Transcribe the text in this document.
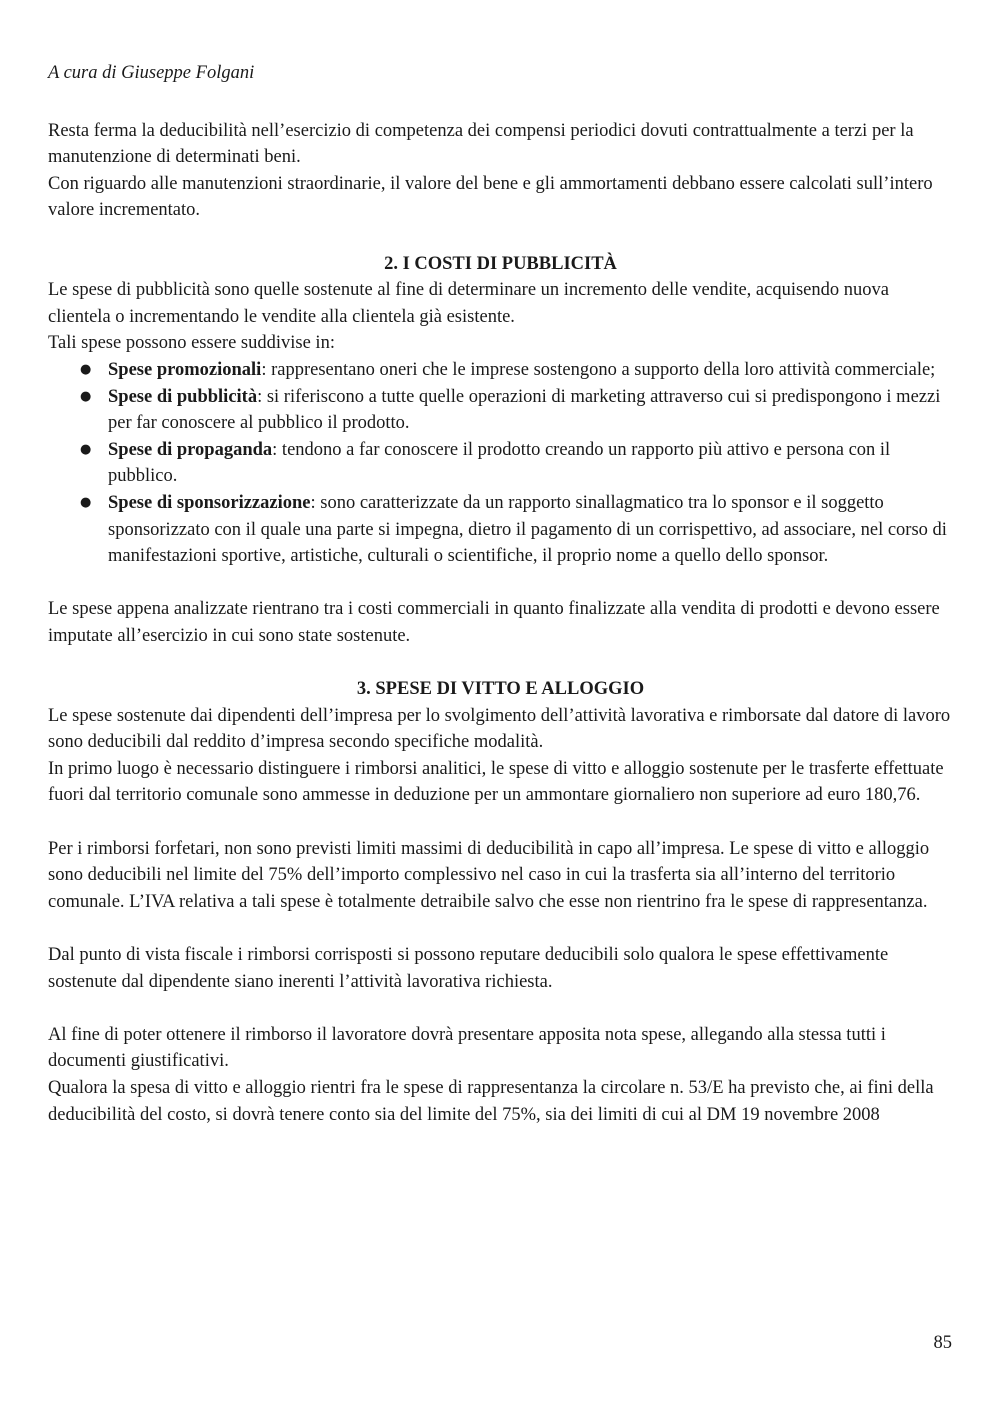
A cura di Giuseppe Folgani

Resta ferma la deducibilità nell’esercizio di competenza dei compensi periodici dovuti contrattualmente a terzi per la manutenzione di determinati beni.

Con riguardo alle manutenzioni straordinarie, il valore del bene e gli ammortamenti debbano essere calcolati sull’intero valore incrementato.

2. I COSTI DI PUBBLICITÀ

Le spese di pubblicità sono quelle sostenute al fine di determinare un incremento delle vendite, acquisendo nuova clientela o incrementando le vendite alla clientela già esistente.

Tali spese possono essere suddivise in:

● Spese promozionali: rappresentano oneri che le imprese sostengono a supporto della loro attività commerciale;
● Spese di pubblicità: si riferiscono a tutte quelle operazioni di marketing attraverso cui si predispongono i mezzi per far conoscere al pubblico il prodotto.
● Spese di propaganda: tendono a far conoscere il prodotto creando un rapporto più attivo e persona con il pubblico.
● Spese di sponsorizzazione: sono caratterizzate da un rapporto sinallagmatico tra lo sponsor e il soggetto sponsorizzato con il quale una parte si impegna, dietro il pagamento di un corrispettivo, ad associare, nel corso di manifestazioni sportive, artistiche, culturali o scientifiche, il proprio nome a quello dello sponsor.

Le spese appena analizzate rientrano tra i costi commerciali in quanto finalizzate alla vendita di prodotti e devono essere imputate all’esercizio in cui sono state sostenute.

3. SPESE DI VITTO E ALLOGGIO

Le spese sostenute dai dipendenti dell’impresa per lo svolgimento dell’attività lavorativa e rimborsate dal datore di lavoro sono deducibili dal reddito d’impresa secondo specifiche modalità.

In primo luogo è necessario distinguere i rimborsi analitici, le spese di vitto e alloggio sostenute per le trasferte effettuate fuori dal territorio comunale sono ammesse in deduzione per un ammontare giornaliero non superiore ad euro 180,76.

Per i rimborsi forfetari, non sono previsti limiti massimi di deducibilità in capo all’impresa. Le spese di vitto e alloggio sono deducibili nel limite del 75% dell’importo complessivo nel caso in cui la trasferta sia all’interno del territorio comunale. L’IVA relativa a tali spese è totalmente detraibile salvo che esse non rientrino fra le spese di rappresentanza.

Dal punto di vista fiscale i rimborsi corrisposti si possono reputare deducibili solo qualora le spese effettivamente sostenute dal dipendente siano inerenti l’attività lavorativa richiesta.

Al fine di poter ottenere il rimborso il lavoratore dovrà presentare apposita nota spese, allegando alla stessa tutti i documenti giustificativi.

Qualora la spesa di vitto e alloggio rientri fra le spese di rappresentanza la circolare n. 53/E ha previsto che, ai fini della deducibilità del costo, si dovrà tenere conto sia del limite del 75%, sia dei limiti di cui al DM 19 novembre 2008

85
